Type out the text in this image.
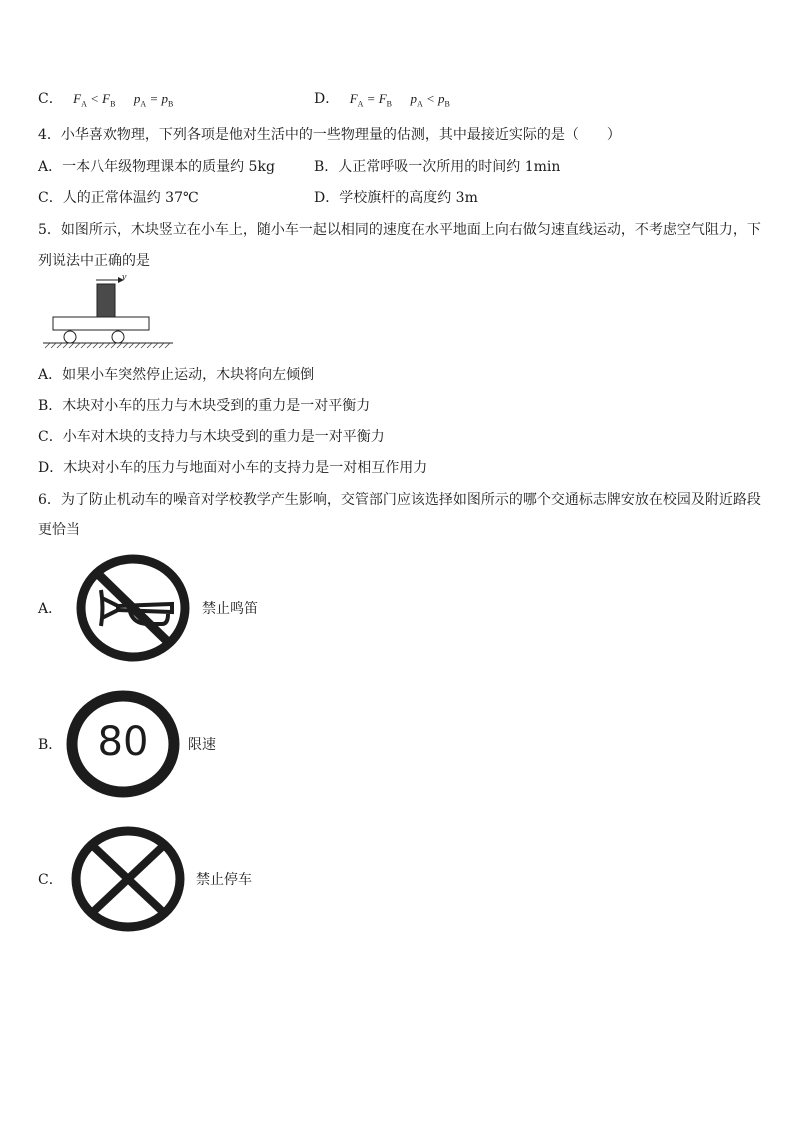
C． $F_A < F_B$ $p_A = p_B$	D． $F_A = F_B$ $p_A < p_B$
4．小华喜欢物理，下列各项是他对生活中的一些物理量的估测，其中最接近实际的是（　　）
A．一本八年级物理课本的质量约 5kg	B．人正常呼吸一次所用的时间约 1min
C．人的正常体温约 37℃	D．学校旗杆的高度约 3m
5．如图所示，木块竖立在小车上，随小车一起以相同的速度在水平地面上向右做匀速直线运动，不考虑空气阻力，下
列说法中正确的是
v
A．如果小车突然停止运动，木块将向左倾倒
B．木块对小车的压力与木块受到的重力是一对平衡力
C．小车对木块的支持力与木块受到的重力是一对平衡力
D．木块对小车的压力与地面对小车的支持力是一对相互作用力
6．为了防止机动车的噪音对学校教学产生影响，交管部门应该选择如图所示的哪个交通标志牌安放在校园及附近路段
更恰当
A．	禁止鸣笛
B． 80	限速
C．	禁止停车
